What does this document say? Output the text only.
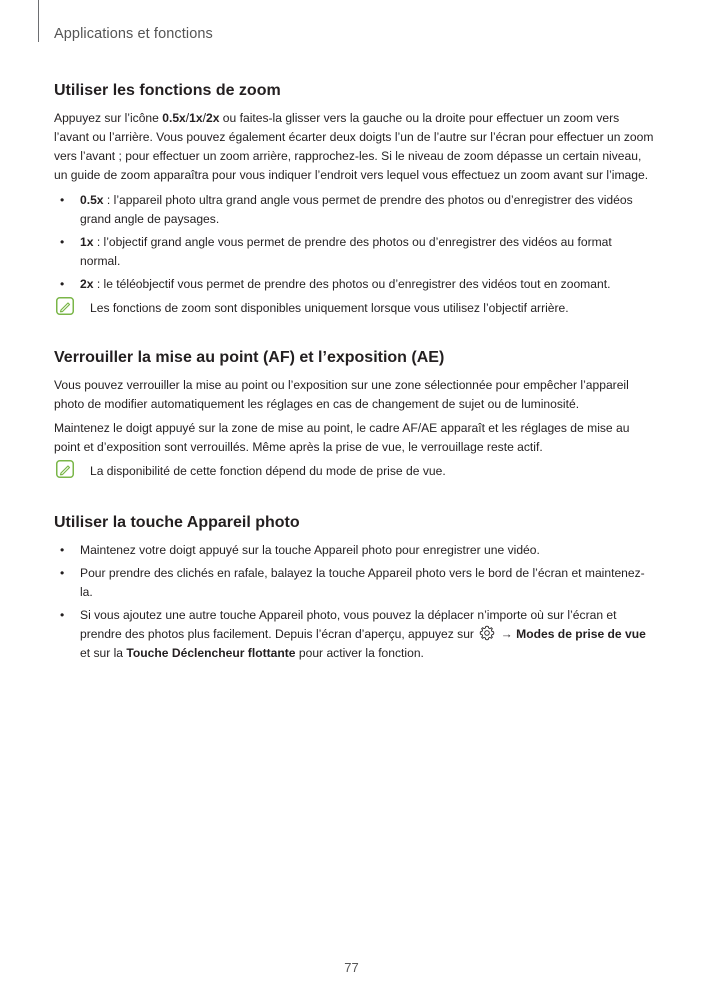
Applications et fonctions
Utiliser les fonctions de zoom

Appuyez sur l’icône 0.5x/1x/2x ou faites-la glisser vers la gauche ou la droite pour effectuer un zoom vers l’avant ou l’arrière. Vous pouvez également écarter deux doigts l’un de l’autre sur l’écran pour effectuer un zoom vers l’avant ; pour effectuer un zoom arrière, rapprochez-les. Si le niveau de zoom dépasse un certain niveau, un guide de zoom apparaîtra pour vous indiquer l’endroit vers lequel vous effectuez un zoom avant sur l’image.

• 0.5x : l’appareil photo ultra grand angle vous permet de prendre des photos ou d’enregistrer des vidéos grand angle de paysages.
• 1x : l’objectif grand angle vous permet de prendre des photos ou d’enregistrer des vidéos au format normal.
• 2x : le téléobjectif vous permet de prendre des photos ou d’enregistrer des vidéos tout en zoomant.
Les fonctions de zoom sont disponibles uniquement lorsque vous utilisez l’objectif arrière.
Verrouiller la mise au point (AF) et l’exposition (AE)

Vous pouvez verrouiller la mise au point ou l’exposition sur une zone sélectionnée pour empêcher l’appareil photo de modifier automatiquement les réglages en cas de changement de sujet ou de luminosité.

Maintenez le doigt appuyé sur la zone de mise au point, le cadre AF/AE apparaît et les réglages de mise au point et d’exposition sont verrouillés. Même après la prise de vue, le verrouillage reste actif.

La disponibilité de cette fonction dépend du mode de prise de vue.
Utiliser la touche Appareil photo
• Maintenez votre doigt appuyé sur la touche Appareil photo pour enregistrer une vidéo.
• Pour prendre des clichés en rafale, balayez la touche Appareil photo vers le bord de l’écran et maintenez-la.
• Si vous ajoutez une autre touche Appareil photo, vous pouvez la déplacer n’importe où sur l’écran et prendre des photos plus facilement. Depuis l’écran d’aperçu, appuyez sur  → Modes de prise de vue et sur la Touche Déclencheur flottante pour activer la fonction.
77
